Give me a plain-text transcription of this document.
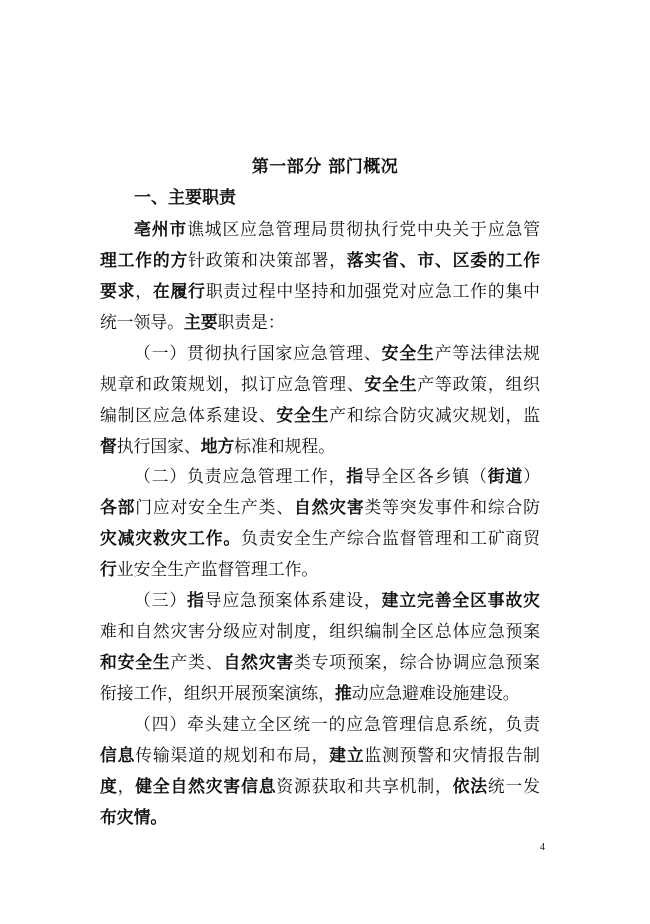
第一部分 部门概况
一、主要职责
亳州市谯城区应急管理局贯彻执行党中央关于应急管
理工作的方针政策和决策部署，落实省、市、区委的工作
要求，在履行职责过程中坚持和加强党对应急工作的集中
统一领导。主要职责是：
（一）贯彻执行国家应急管理、安全生产等法律法规
规章和政策规划，拟订应急管理、安全生产等政策，组织
编制区应急体系建设、安全生产和综合防灾减灾规划，监
督执行国家、地方标准和规程。
（二）负责应急管理工作，指导全区各乡镇（街道）
各部门应对安全生产类、自然灾害类等突发事件和综合防
灾减灾救灾工作。负责安全生产综合监督管理和工矿商贸
行业安全生产监督管理工作。
（三）指导应急预案体系建设，建立完善全区事故灾
难和自然灾害分级应对制度，组织编制全区总体应急预案
和安全生产类、自然灾害类专项预案，综合协调应急预案
衔接工作，组织开展预案演练，推动应急避难设施建设。
（四）牵头建立全区统一的应急管理信息系统，负责
信息传输渠道的规划和布局，建立监测预警和灾情报告制
度，健全自然灾害信息资源获取和共享机制，依法统一发
布灾情。
4
